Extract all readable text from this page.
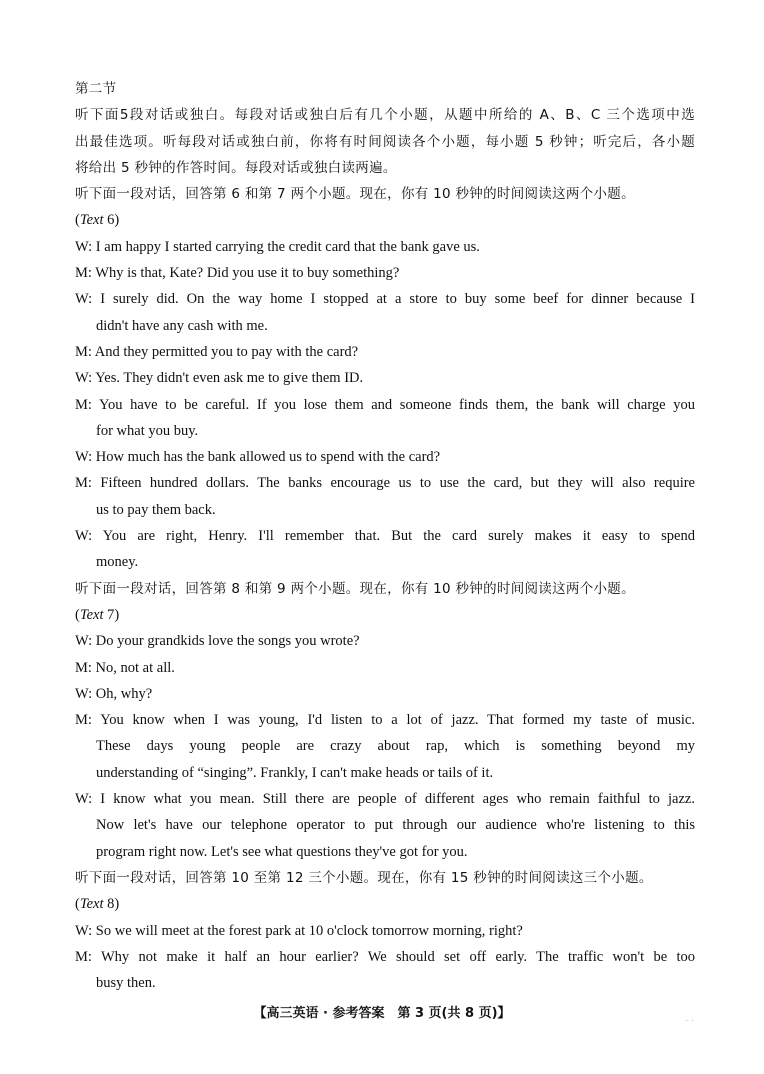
第二节
听下面5段对话或独白。每段对话或独白后有几个小题，从题中所给的 A、B、C 三个选项中选
出最佳选项。听每段对话或独白前，你将有时间阅读各个小题，每小题 5 秒钟；听完后，各小题
将给出 5 秒钟的作答时间。每段对话或独白读两遍。
听下面一段对话，回答第 6 和第 7 两个小题。现在，你有 10 秒钟的时间阅读这两个小题。
(Text 6)
W: I am happy I started carrying the credit card that the bank gave us.
M: Why is that, Kate? Did you use it to buy something?
W: I surely did. On the way home I stopped at a store to buy some beef for dinner because I
didn't have any cash with me.
M: And they permitted you to pay with the card?
W: Yes. They didn't even ask me to give them ID.
M: You have to be careful. If you lose them and someone finds them, the bank will charge you
for what you buy.
W: How much has the bank allowed us to spend with the card?
M: Fifteen hundred dollars. The banks encourage us to use the card, but they will also require
us to pay them back.
W: You are right, Henry. I'll remember that. But the card surely makes it easy to spend
money.
听下面一段对话，回答第 8 和第 9 两个小题。现在，你有 10 秒钟的时间阅读这两个小题。
(Text 7)
W: Do your grandkids love the songs you wrote?
M: No, not at all.
W: Oh, why?
M: You know when I was young, I'd listen to a lot of jazz. That formed my taste of music.
These days young people are crazy about rap, which is something beyond my
understanding of “singing”. Frankly, I can't make heads or tails of it.
W: I know what you mean. Still there are people of different ages who remain faithful to jazz.
Now let's have our telephone operator to put through our audience who're listening to this
program right now. Let's see what questions they've got for you.
听下面一段对话，回答第 10 至第 12 三个小题。现在，你有 15 秒钟的时间阅读这三个小题。
(Text 8)
W: So we will meet at the forest park at 10 o'clock tomorrow morning, right?
M: Why not make it half an hour earlier? We should set off early. The traffic won't be too
busy then.
【高三英语 · 参考答案　第 3 页(共 8 页)】	. .
